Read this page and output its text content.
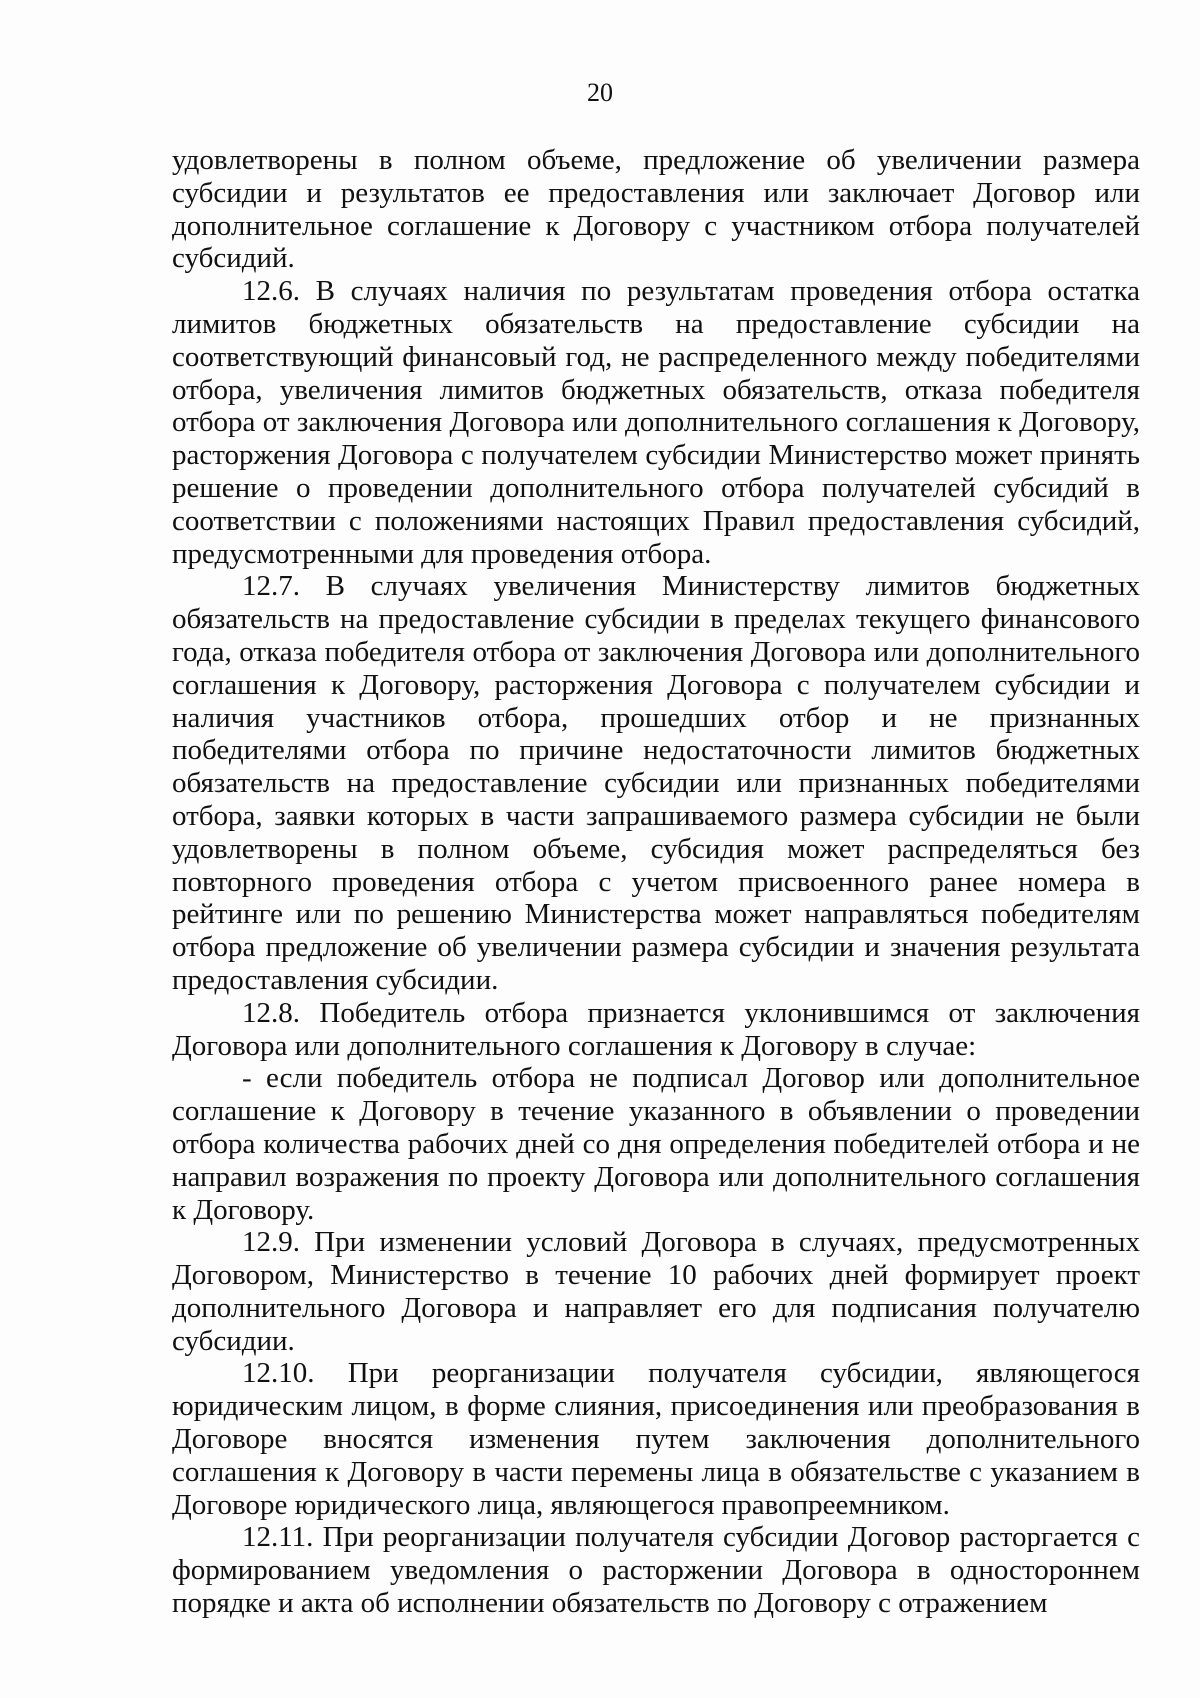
20

удовлетворены в полном объеме, предложение об увеличении размера субсидии и результатов ее предоставления или заключает Договор или дополнительное соглашение к Договору с участником отбора получателей субсидий.

12.6. В случаях наличия по результатам проведения отбора остатка лимитов бюджетных обязательств на предоставление субсидии на соответствующий финансовый год, не распределенного между победителями отбора, увеличения лимитов бюджетных обязательств, отказа победителя отбора от заключения Договора или дополнительного соглашения к Договору, расторжения Договора с получателем субсидии Министерство может принять решение о проведении дополнительного отбора получателей субсидий в соответствии с положениями настоящих Правил предоставления субсидий, предусмотренными для проведения отбора.

12.7. В случаях увеличения Министерству лимитов бюджетных обязательств на предоставление субсидии в пределах текущего финансового года, отказа победителя отбора от заключения Договора или дополнительного соглашения к Договору, расторжения Договора с получателем субсидии и наличия участников отбора, прошедших отбор и не признанных победителями отбора по причине недостаточности лимитов бюджетных обязательств на предоставление субсидии или признанных победителями отбора, заявки которых в части запрашиваемого размера субсидии не были удовлетворены в полном объеме, субсидия может распределяться без повторного проведения отбора с учетом присвоенного ранее номера в рейтинге или по решению Министерства может направляться победителям отбора предложение об увеличении размера субсидии и значения результата предоставления субсидии.

12.8. Победитель отбора признается уклонившимся от заключения Договора или дополнительного соглашения к Договору в случае:

- если победитель отбора не подписал Договор или дополнительное соглашение к Договору в течение указанного в объявлении о проведении отбора количества рабочих дней со дня определения победителей отбора и не направил возражения по проекту Договора или дополнительного соглашения к Договору.

12.9. При изменении условий Договора в случаях, предусмотренных Договором, Министерство в течение 10 рабочих дней формирует проект дополнительного Договора и направляет его для подписания получателю субсидии.

12.10. При реорганизации получателя субсидии, являющегося юридическим лицом, в форме слияния, присоединения или преобразования в Договоре вносятся изменения путем заключения дополнительного соглашения к Договору в части перемены лица в обязательстве с указанием в Договоре юридического лица, являющегося правопреемником.

12.11. При реорганизации получателя субсидии Договор расторгается с формированием уведомления о расторжении Договора в одностороннем порядке и акта об исполнении обязательств по Договору с отражением
